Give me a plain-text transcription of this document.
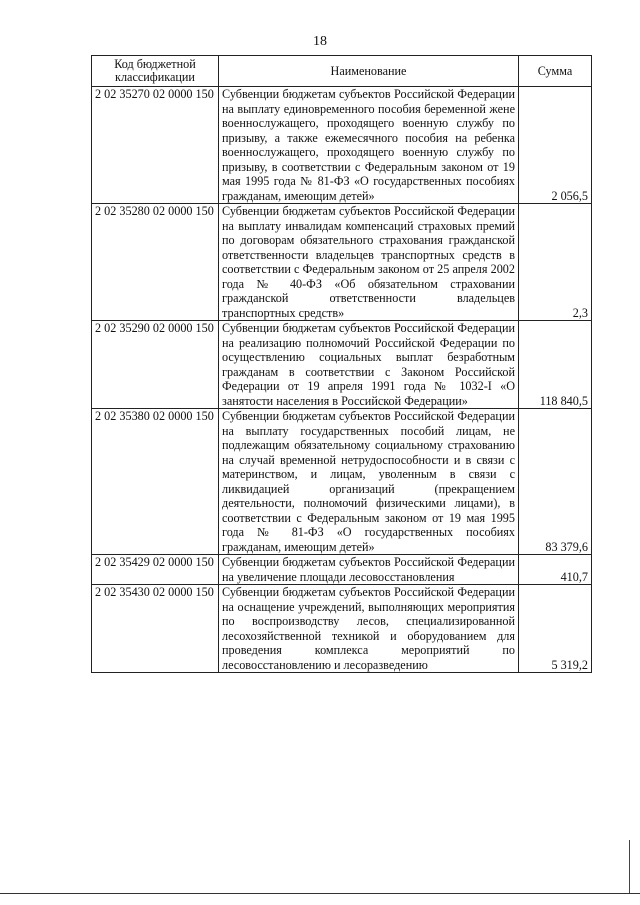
18
Код бюджетной классификации	Наименование	Сумма
2 02 35270 02 0000 150	Субвенции бюджетам субъектов Российской Федерации на выплату единовременного пособия беременной жене военнослужащего, проходящего военную службу по призыву, а также ежемесячного пособия на ребенка военнослужащего, проходящего военную службу по призыву, в соответствии с Федеральным законом от 19 мая 1995 года № 81-ФЗ «О государственных пособиях гражданам, имеющим детей»	2 056,5
2 02 35280 02 0000 150	Субвенции бюджетам субъектов Российской Федерации на выплату инвалидам компенсаций страховых премий по договорам обязательного страхования гражданской ответственности владельцев транспортных средств в соответствии с Федеральным законом от 25 апреля 2002 года № 40-ФЗ «Об обязательном страховании гражданской ответственности владельцев транспортных средств»	2,3
2 02 35290 02 0000 150	Субвенции бюджетам субъектов Российской Федерации на реализацию полномочий Российской Федерации по осуществлению социальных выплат безработным гражданам в соответствии с Законом Российской Федерации от 19 апреля 1991 года № 1032-I «О занятости населения в Российской Федерации»	118 840,5
2 02 35380 02 0000 150	Субвенции бюджетам субъектов Российской Федерации на выплату государственных пособий лицам, не подлежащим обязательному социальному страхованию на случай временной нетрудоспособности и в связи с материнством, и лицам, уволенным в связи с ликвидацией организаций (прекращением деятельности, полномочий физическими лицами), в соответствии с Федеральным законом от 19 мая 1995 года № 81-ФЗ «О государственных пособиях гражданам, имеющим детей»	83 379,6
2 02 35429 02 0000 150	Субвенции бюджетам субъектов Российской Федерации на увеличение площади лесовосстановления	410,7
2 02 35430 02 0000 150	Субвенции бюджетам субъектов Российской Федерации на оснащение учреждений, выполняющих мероприятия по воспроизводству лесов, специализированной лесохозяйственной техникой и оборудованием для проведения комплекса мероприятий по лесовосстановлению и лесоразведению	5 319,2
